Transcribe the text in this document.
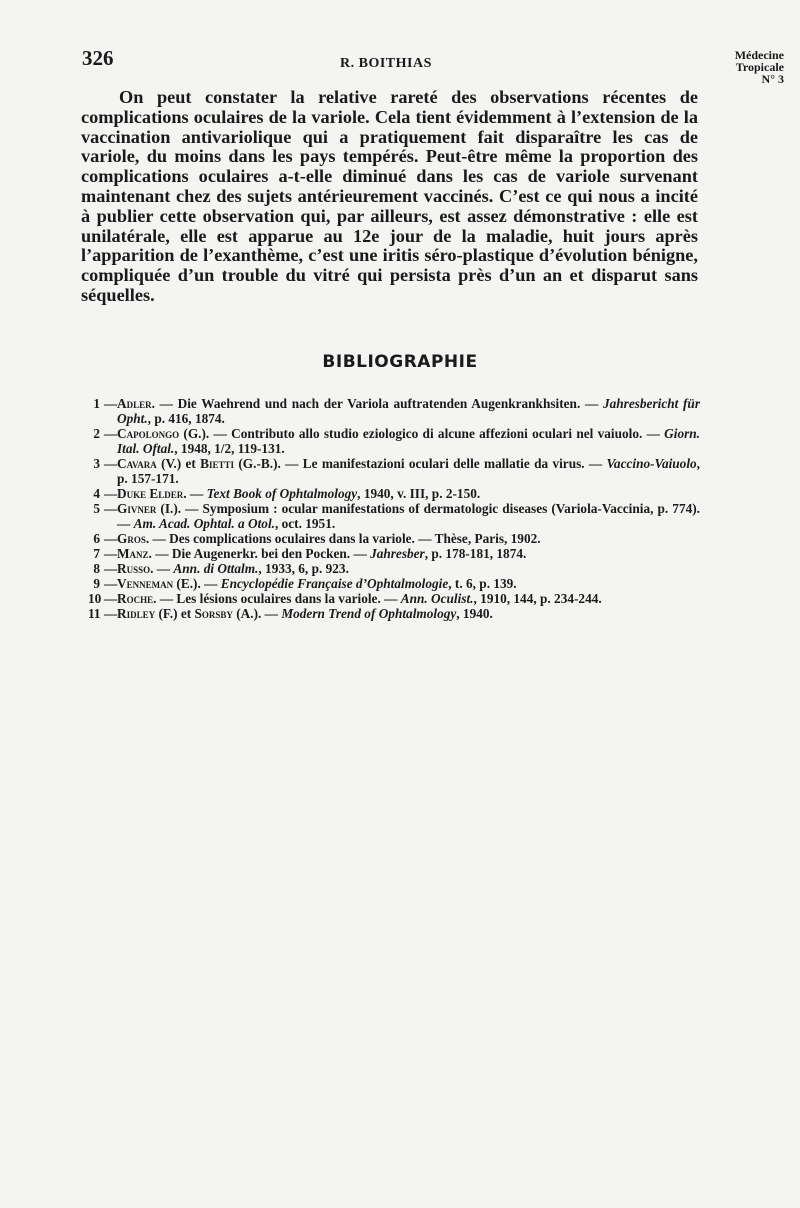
326	R. BOITHIAS
Médecine
Tropicale
N° 3

On peut constater la relative rareté des observations récentes de complications oculaires de la variole. Cela tient évidemment à l’extension de la vaccination antivariolique qui a pratiquement fait disparaître les cas de variole, du moins dans les pays tempérés. Peut-être même la proportion des complications oculaires a-t-elle diminué dans les cas de variole survenant maintenant chez des sujets antérieurement vaccinés. C’est ce qui nous a incité à publier cette observation qui, par ailleurs, est assez démonstrative : elle est unilatérale, elle est apparue au 12e jour de la maladie, huit jours après l’apparition de l’exanthème, c’est une iritis séro-plastique d’évolution bénigne, compliquée d’un trouble du vitré qui persista près d’un an et disparut sans séquelles.

BIBLIOGRAPHIE
1 — Adler. — Die Waehrend und nach der Variola auftratenden Augenkrankhsiten. — Jahresbericht für Opht., p. 416, 1874.
2 — Capolongo (G.). — Contributo allo studio eziologico di alcune affezioni oculari nel vaiuolo. — Giorn. Ital. Oftal., 1948, 1/2, 119-131.
3 — Cavara (V.) et Bietti (G.-B.). — Le manifestazioni oculari delle mallatie da virus. — Vaccino-Vaiuolo, p. 157-171.
4 — Duke Elder. — Text Book of Ophtalmology, 1940, v. III, p. 2-150.
5 — Givner (I.). — Symposium : ocular manifestations of dermatologic diseases (Variola-Vaccinia, p. 774). — Am. Acad. Ophtal. a Otol., oct. 1951.
6 — Gros. — Des complications oculaires dans la variole. — Thèse, Paris, 1902.
7 — Manz. — Die Augenerkr. bei den Pocken. — Jahresber, p. 178-181, 1874.
8 — Russo. — Ann. di Ottalm., 1933, 6, p. 923.
9 — Venneman (E.). — Encyclopédie Française d’Ophtalmologie, t. 6, p. 139.
10 — Roche. — Les lésions oculaires dans la variole. — Ann. Oculist., 1910, 144, p. 234-244.
11 — Ridley (F.) et Sorsby (A.). — Modern Trend of Ophtalmology, 1940.
